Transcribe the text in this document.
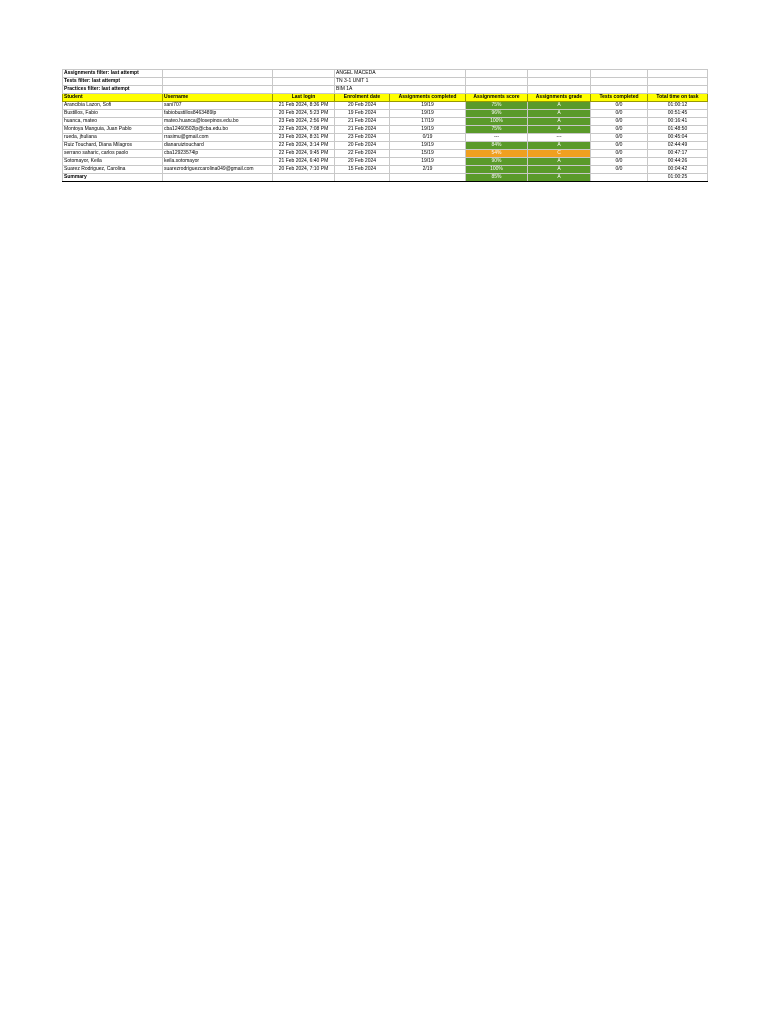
Assignments filter: last attempt			ANGEL MACEDA					
Tests filter: last attempt			TN 3-1 UNIT 1					
Practices filter: last attempt			BIM 1A					
Student	Username	Last login	Enrolment date	Assignments completed	Assignments score	Assignments grade	Tests completed	Total time on task
Arancibia Lazon, Sofi	sani707	21 Feb 2024, 8:36 PM	20 Feb 2024	19/19	75%	A	0/0	01:00:12
Bustillos, Fabio	fabiobustillos8463489lp	20 Feb 2024, 5:23 PM	19 Feb 2024	19/19	96%	A	0/0	00:51:45
huanca, mateo	mateo.huanca@losepinos.edu.bo	23 Feb 2024, 2:56 PM	21 Feb 2024	17/19	100%	A	0/0	00:16:41
Montoya Manguia, Juan Pablo	cba12460502lp@cba.edu.bo	22 Feb 2024, 7:08 PM	21 Feb 2024	19/19	75%	A	0/0	01:48:50
rueda, jhuliana	rrasimu@gmail.com	23 Feb 2024, 8:31 PM	23 Feb 2024	0/19	---	---	0/0	00:45:04
Ruiz Touchard, Diana Milagros	dianaruiztouchard	22 Feb 2024, 3:14 PM	20 Feb 2024	19/19	84%	A	0/0	02:44:49
serrano saharic, carlos paolo	cba12923574lp	22 Feb 2024, 9:45 PM	22 Feb 2024	15/19	54%	C	0/0	00:47:17
Sotomayor, Keila	keila.sotomayor	21 Feb 2024, 6:40 PM	20 Feb 2024	19/19	90%	A	0/0	00:44:26
Suarez Rodriguez, Carolina	suarezrodriguezcarolina049@gmail.com	20 Feb 2024, 7:10 PM	15 Feb 2024	2/19	100%	A	0/0	00:04:42
Summary					85%	A		01:00:25
